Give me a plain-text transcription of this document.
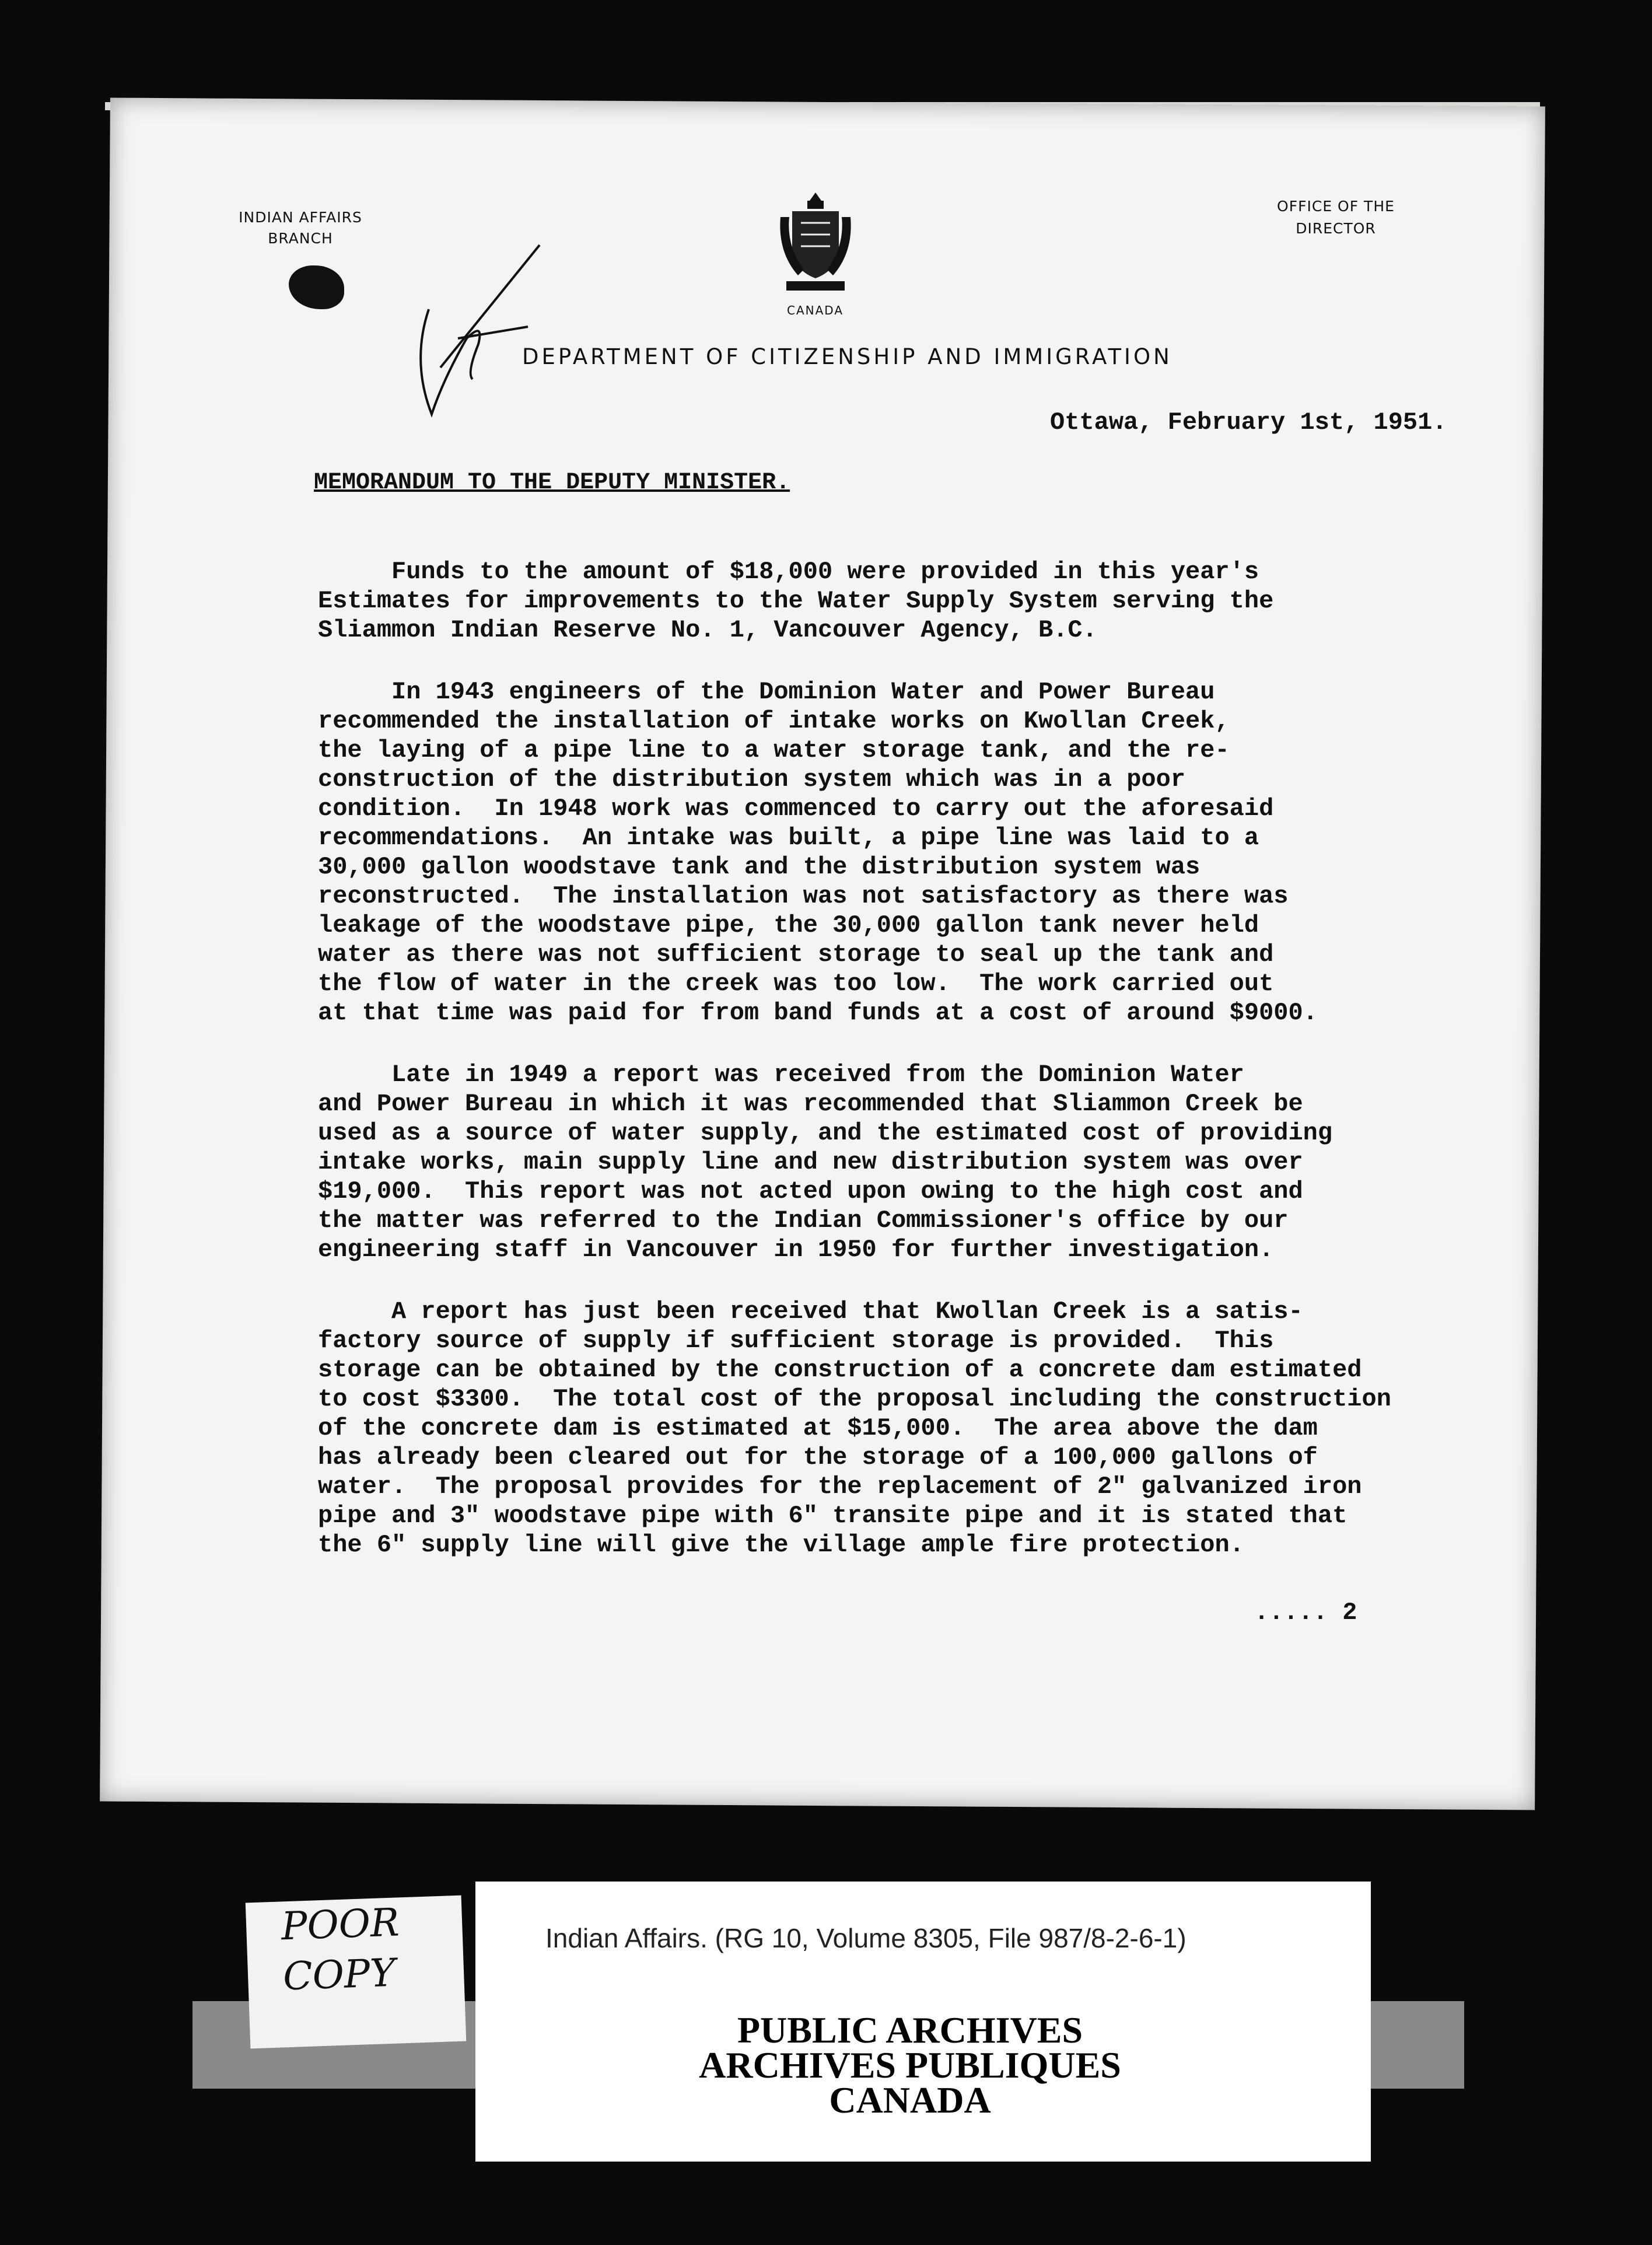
INDIAN AFFAIRS
BRANCH
CANADA
OFFICE OF THE
DIRECTOR
DEPARTMENT OF CITIZENSHIP AND IMMIGRATION
Ottawa, February 1st, 1951.
MEMORANDUM TO THE DEPUTY MINISTER.
Funds to the amount of $18,000 were provided in this year's
Estimates for improvements to the Water Supply System serving the
Sliammon Indian Reserve No. 1, Vancouver Agency, B.C.
In 1943 engineers of the Dominion Water and Power Bureau
recommended the installation of intake works on Kwollan Creek,
the laying of a pipe line to a water storage tank, and the re-
construction of the distribution system which was in a poor
condition.  In 1948 work was commenced to carry out the aforesaid
recommendations.  An intake was built, a pipe line was laid to a
30,000 gallon woodstave tank and the distribution system was
reconstructed.  The installation was not satisfactory as there was
leakage of the woodstave pipe, the 30,000 gallon tank never held
water as there was not sufficient storage to seal up the tank and
the flow of water in the creek was too low.  The work carried out
at that time was paid for from band funds at a cost of around $9000.
Late in 1949 a report was received from the Dominion Water
and Power Bureau in which it was recommended that Sliammon Creek be
used as a source of water supply, and the estimated cost of providing
intake works, main supply line and new distribution system was over
$19,000.  This report was not acted upon owing to the high cost and
the matter was referred to the Indian Commissioner's office by our
engineering staff in Vancouver in 1950 for further investigation.
A report has just been received that Kwollan Creek is a satis-
factory source of supply if sufficient storage is provided.  This
storage can be obtained by the construction of a concrete dam estimated
to cost $3300.  The total cost of the proposal including the construction
of the concrete dam is estimated at $15,000.  The area above the dam
has already been cleared out for the storage of a 100,000 gallons of
water.  The proposal provides for the replacement of 2" galvanized iron
pipe and 3" woodstave pipe with 6" transite pipe and it is stated that
the 6" supply line will give the village ample fire protection.
..... 2
POOR
COPY
Indian Affairs. (RG 10, Volume 8305, File 987/8-2-6-1)
PUBLIC ARCHIVES
ARCHIVES PUBLIQUES
CANADA
